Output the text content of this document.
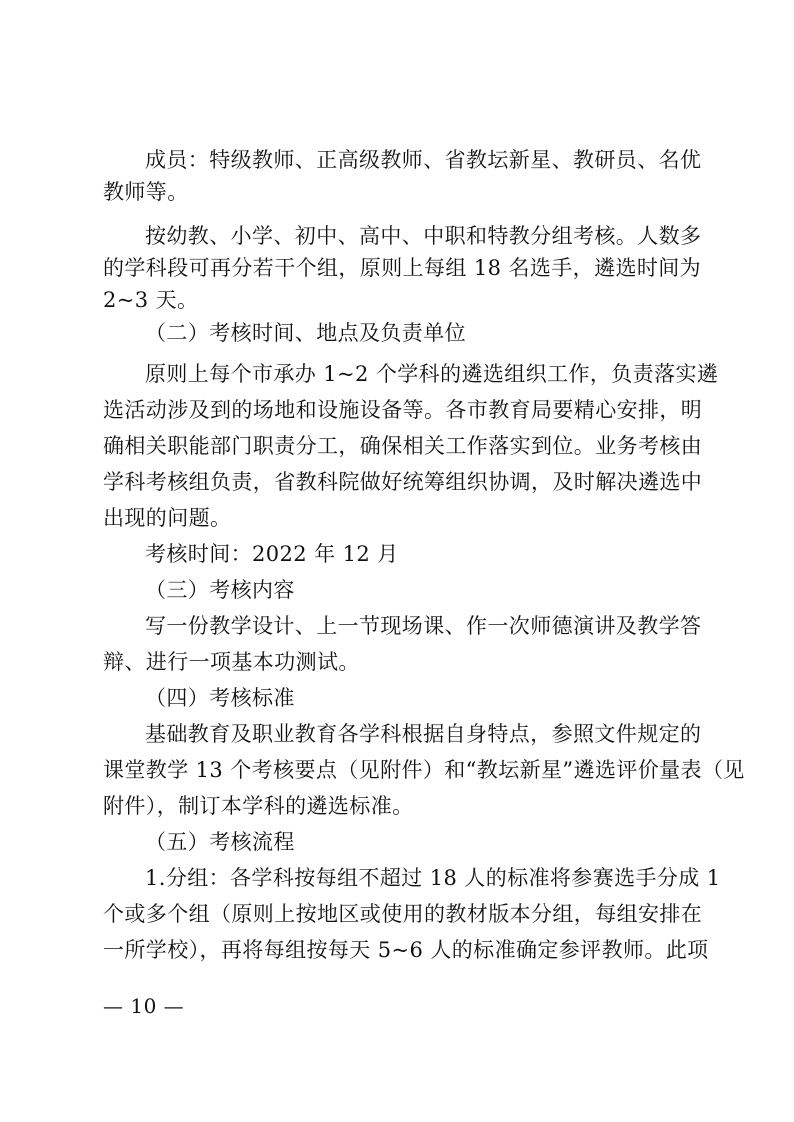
成员：特级教师、正高级教师、省教坛新星、教研员、名优
教师等。
按幼教、小学、初中、高中、中职和特教分组考核。人数多
的学科段可再分若干个组，原则上每组 18 名选手，遴选时间为
2~3 天。
（二）考核时间、地点及负责单位
原则上每个市承办 1~2 个学科的遴选组织工作，负责落实遴
选活动涉及到的场地和设施设备等。各市教育局要精心安排，明
确相关职能部门职责分工，确保相关工作落实到位。业务考核由
学科考核组负责，省教科院做好统筹组织协调，及时解决遴选中
出现的问题。
考核时间：2022 年 12 月
（三）考核内容
写一份教学设计、上一节现场课、作一次师德演讲及教学答
辩、进行一项基本功测试。
（四）考核标准
基础教育及职业教育各学科根据自身特点，参照文件规定的
课堂教学 13 个考核要点（见附件）和“教坛新星”遴选评价量表（见
附件），制订本学科的遴选标准。
（五）考核流程
1.分组：各学科按每组不超过 18 人的标准将参赛选手分成 1
个或多个组（原则上按地区或使用的教材版本分组，每组安排在
一所学校），再将每组按每天 5~6 人的标准确定参评教师。此项
— 10 —
